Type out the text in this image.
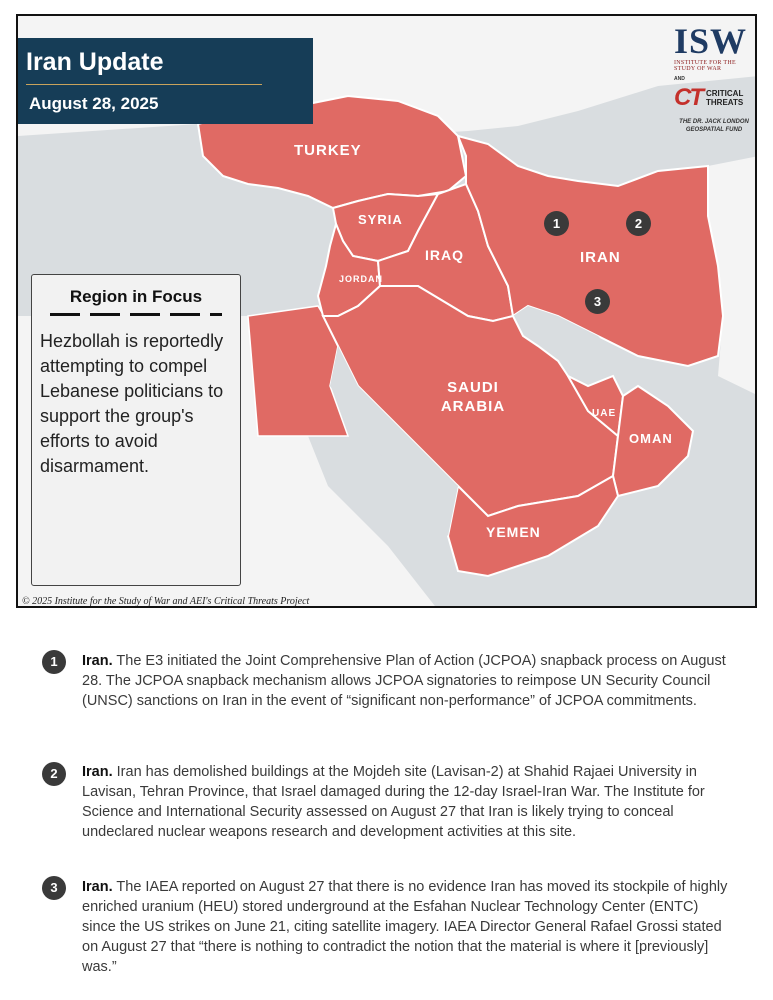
Iran Update
August 28, 2025
ISW
INSTITUTE FOR THE STUDY OF WAR
AND
CT CRITICAL
THREATS
THE DR. JACK LONDON GEOSPATIAL FUND
TURKEY
SYRIA
IRAQ
JORDAN
IRAN
SAUDI ARABIA	UAE
OMAN
YEMEN
1	2
3
Region in Focus
Hezbollah is reportedly attempting to compel Lebanese politicians to support the group's efforts to avoid disarmament.
© 2025 Institute for the Study of War and AEI's Critical Threats Project
1	Iran. The E3 initiated the Joint Comprehensive Plan of Action (JCPOA) snapback process on August 28. The JCPOA snapback mechanism allows JCPOA signatories to reimpose UN Security Council (UNSC) sanctions on Iran in the event of “significant non-performance” of JCPOA commitments.
2	Iran. Iran has demolished buildings at the Mojdeh site (Lavisan-2) at Shahid Rajaei University in Lavisan, Tehran Province, that Israel damaged during the 12-day Israel-Iran War. The Institute for Science and International Security assessed on August 27 that Iran is likely trying to conceal undeclared nuclear weapons research and development activities at this site.
3	Iran. The IAEA reported on August 27 that there is no evidence Iran has moved its stockpile of highly enriched uranium (HEU) stored underground at the Esfahan Nuclear Technology Center (ENTC) since the US strikes on June 21, citing satellite imagery. IAEA Director General Rafael Grossi stated on August 27 that “there is nothing to contradict the notion that the material is where it [previously] was.”
